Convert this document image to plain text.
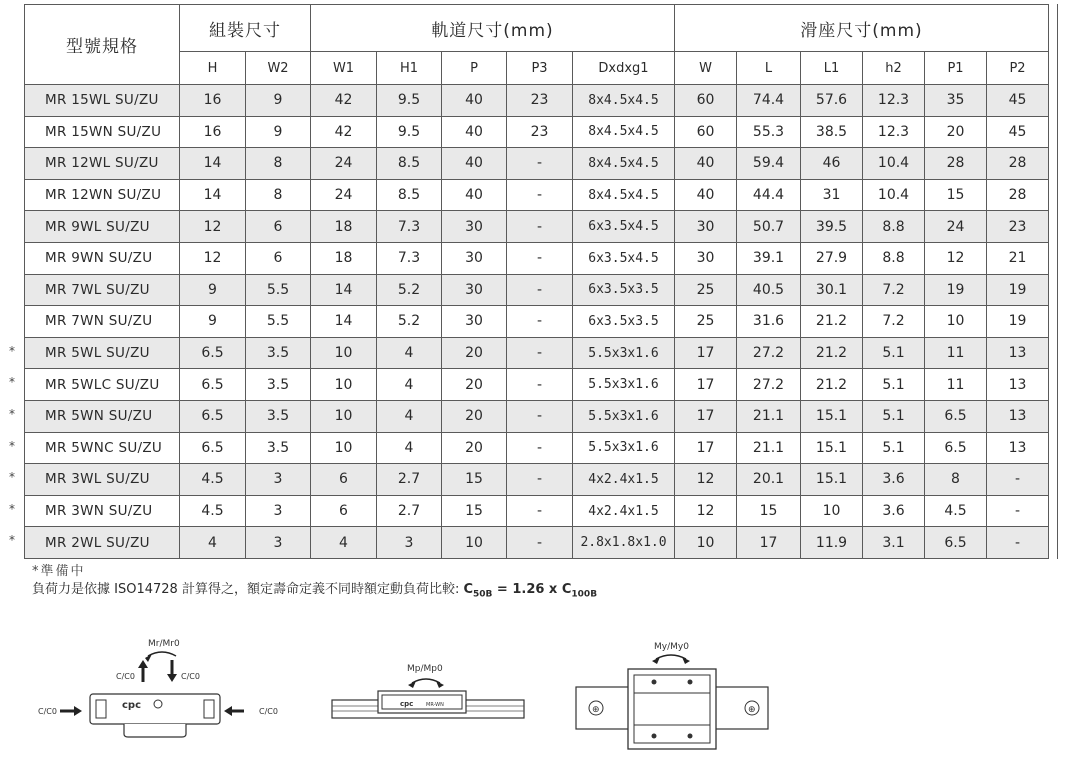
型號規格	組裝尺寸		軌道尺寸(mm)					滑座尺寸(mm)					
	H	W2	W1	H1	P	P3	Dxdxg1	W	L	L1	h2	P1	P2
MR 15WL SU/ZU	16	9	42	9.5	40	23	8x4.5x4.5	60	74.4	57.6	12.3	35	45
MR 15WN SU/ZU	16	9	42	9.5	40	23	8x4.5x4.5	60	55.3	38.5	12.3	20	45
MR 12WL SU/ZU	14	8	24	8.5	40	-	8x4.5x4.5	40	59.4	46	10.4	28	28
MR 12WN SU/ZU	14	8	24	8.5	40	-	8x4.5x4.5	40	44.4	31	10.4	15	28
MR 9WL SU/ZU	12	6	18	7.3	30	-	6x3.5x4.5	30	50.7	39.5	8.8	24	23
MR 9WN SU/ZU	12	6	18	7.3	30	-	6x3.5x4.5	30	39.1	27.9	8.8	12	21
MR 7WL SU/ZU	9	5.5	14	5.2	30	-	6x3.5x3.5	25	40.5	30.1	7.2	19	19
MR 7WN SU/ZU	9	5.5	14	5.2	30	-	6x3.5x3.5	25	31.6	21.2	7.2	10	19
MR 5WL SU/ZU	6.5	3.5	10	4	20	-	5.5x3x1.6	17	27.2	21.2	5.1	11	13
MR 5WLC SU/ZU	6.5	3.5	10	4	20	-	5.5x3x1.6	17	27.2	21.2	5.1	11	13
MR 5WN SU/ZU	6.5	3.5	10	4	20	-	5.5x3x1.6	17	21.1	15.1	5.1	6.5	13
MR 5WNC SU/ZU	6.5	3.5	10	4	20	-	5.5x3x1.6	17	21.1	15.1	5.1	6.5	13
MR 3WL SU/ZU	4.5	3	6	2.7	15	-	4x2.4x1.5	12	20.1	15.1	3.6	8	-
MR 3WN SU/ZU	4.5	3	6	2.7	15	-	4x2.4x1.5	12	15	10	3.6	4.5	-
MR 2WL SU/ZU	4	3	4	3	10	-	2.8x1.8x1.0	10	17	11.9	3.1	6.5	-
*準備中
負荷力是依據 ISO14728 計算得之，額定壽命定義不同時額定動負荷比較: $C_{50B} = 1.26$ x $C_{100B}$
Mr/Mr0
C/C0	C/C0
C/C0	C/C0
cpc
Mp/Mp0
cpc	MR-WN
My/My0
⊕	⊕
*
*
*
*
*
*
*
